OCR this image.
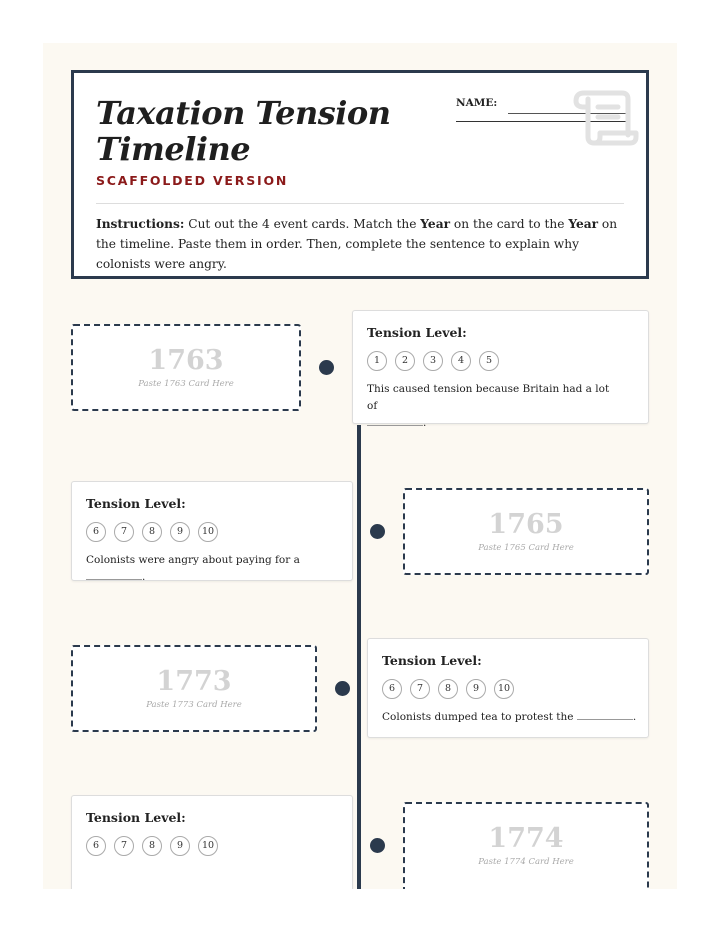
Taxation Tension
Timeline
SCAFFOLDED VERSION
NAME:
Instructions: Cut out the 4 event cards. Match the Year on the card to the Year on the timeline. Paste them in order. Then, complete the sentence to explain why colonists were angry.
1763
Paste 1763 Card Here
Tension Level:
1 2 3 4 5
This caused tension because Britain had a lot of
.
Tension Level:
6 7 8 9 10
Colonists were angry about paying for a .
1765
Paste 1765 Card Here
1773
Paste 1773 Card Here
Tension Level:
6 7 8 9 10
Colonists dumped tea to protest the	.
Tension Level:
6 7 8 9 10	1774
Paste 1774 Card Here
